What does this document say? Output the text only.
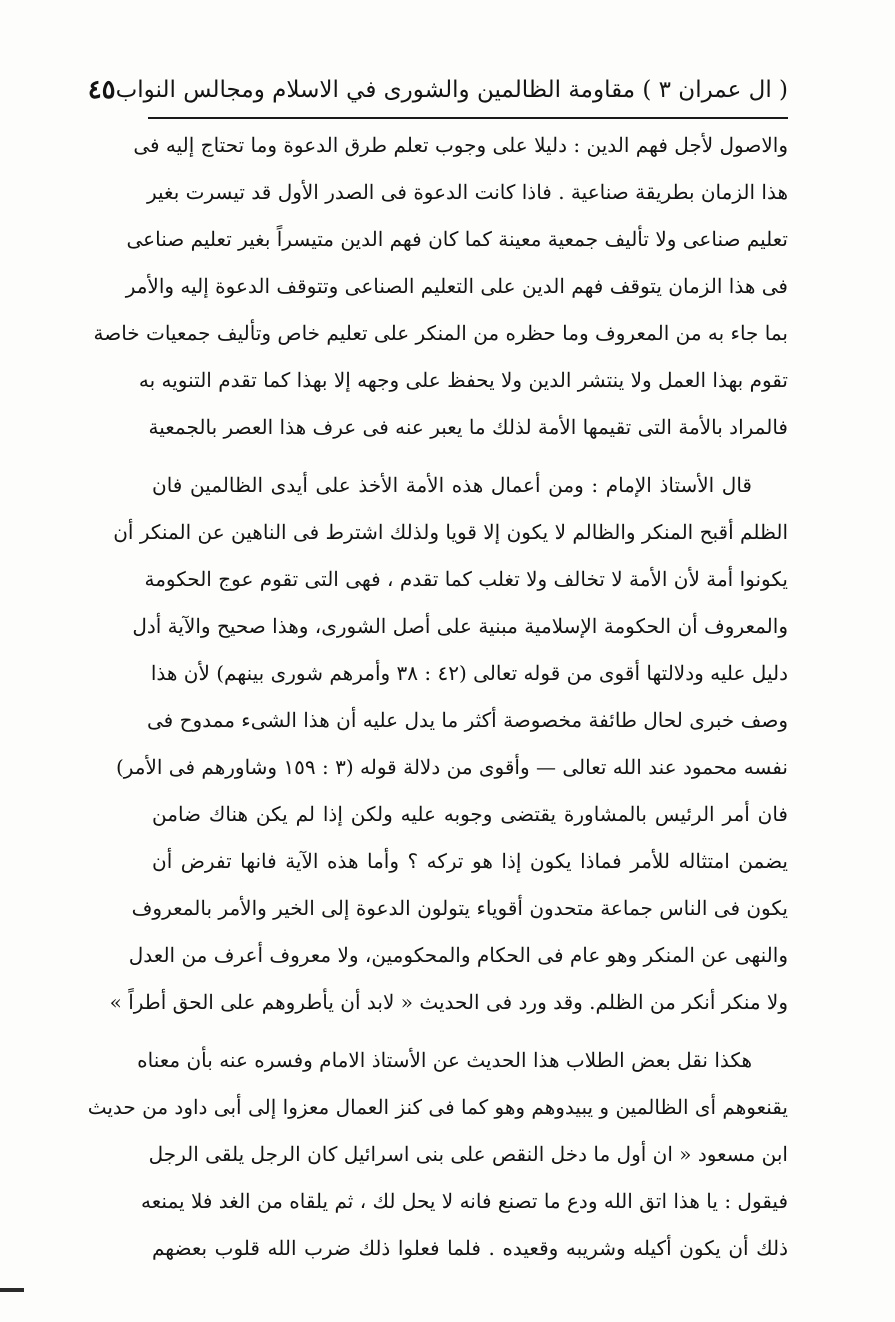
( ال عمران ٣ ) مقاومة الظالمين والشورى في الاسلام ومجالس النواب
٤٥
والاصول لأجل فهم الدين : دليلا على وجوب تعلم طرق الدعوة وما تحتاج إليه فى
هذا الزمان بطريقة صناعية . فاذا كانت الدعوة فى الصدر الأول قد تيسرت بغير
تعليم صناعى ولا تأليف جمعية معينة كما كان فهم الدين متيسراً بغير تعليم صناعى
فى هذا الزمان يتوقف فهم الدين على التعليم الصناعى وتتوقف الدعوة إليه والأمر
بما جاء به من المعروف وما حظره من المنكر على تعليم خاص وتأليف جمعيات خاصة
تقوم بهذا العمل ولا ينتشر الدين ولا يحفظ على وجهه إلا بهذا كما تقدم التنويه به
فالمراد بالأمة التى تقيمها الأمة لذلك ما يعبر عنه فى عرف هذا العصر بالجمعية
قال الأستاذ الإمام : ومن أعمال هذه الأمة الأخذ على أيدى الظالمين فان
الظلم أقبح المنكر والظالم لا يكون إلا قويا ولذلك اشترط فى الناهين عن المنكر أن
يكونوا أمة لأن الأمة لا تخالف ولا تغلب كما تقدم ، فهى التى تقوم عوج الحكومة
والمعروف أن الحكومة الإسلامية مبنية على أصل الشورى، وهذا صحيح والآية أدل
دليل عليه ودلالتها أقوى من قوله تعالى (٤٢ : ٣٨ وأمرهم شورى بينهم) لأن هذا
وصف خبرى لحال طائفة مخصوصة أكثر ما يدل عليه أن هذا الشىء ممدوح فى
نفسه محمود عند الله تعالى — وأقوى من دلالة قوله (٣ : ١٥٩ وشاورهم فى الأمر)
فان أمر الرئيس بالمشاورة يقتضى وجوبه عليه ولكن إذا لم يكن هناك ضامن
يضمن امتثاله للأمر فماذا يكون إذا هو تركه ؟ وأما هذه الآية فانها تفرض أن
يكون فى الناس جماعة متحدون أقوياء يتولون الدعوة إلى الخير والأمر بالمعروف
والنهى عن المنكر وهو عام فى الحكام والمحكومين، ولا معروف أعرف من العدل
ولا منكر أنكر من الظلم. وقد ورد فى الحديث « لابد أن يأطروهم على الحق أطراً »
هكذا نقل بعض الطلاب هذا الحديث عن الأستاذ الامام وفسره عنه بأن معناه
يقنعوهم أى الظالمين و يبيدوهم وهو كما فى كنز العمال معزوا إلى أبى داود من حديث
ابن مسعود « ان أول ما دخل النقص على بنى اسرائيل كان الرجل يلقى الرجل
فيقول : يا هذا اتق الله ودع ما تصنع فانه لا يحل لك ، ثم يلقاه من الغد فلا يمنعه
ذلك أن يكون أكيله وشريبه وقعيده . فلما فعلوا ذلك ضرب الله قلوب بعضهم
